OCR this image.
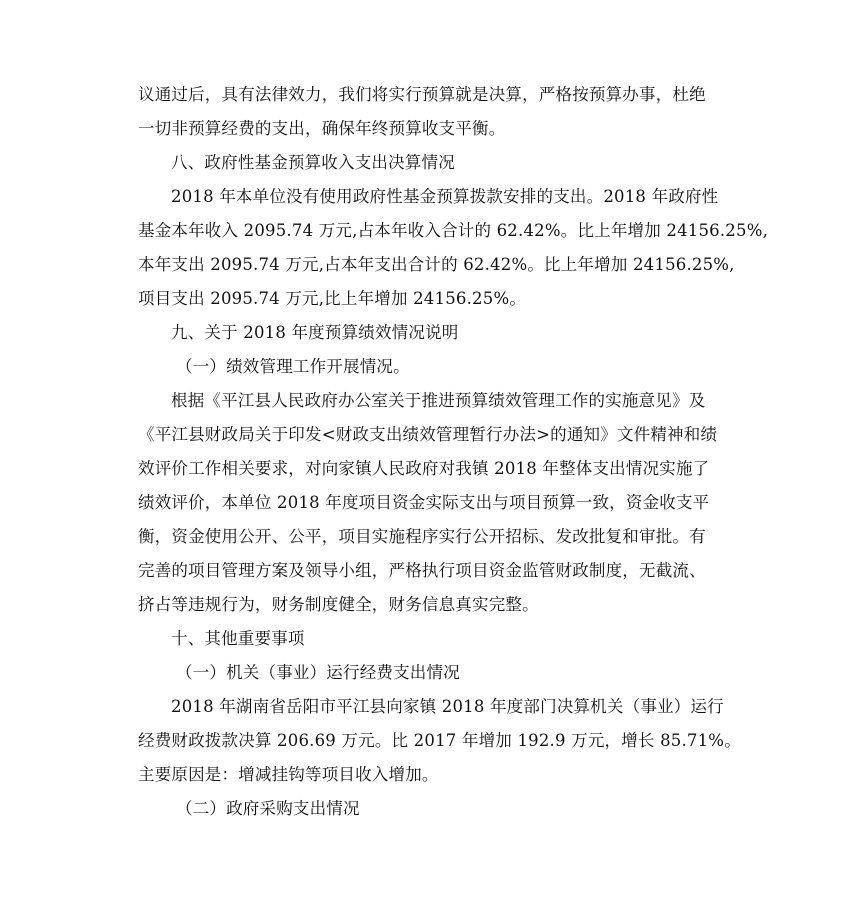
议通过后，具有法律效力，我们将实行预算就是决算，严格按预算办事，杜绝
一切非预算经费的支出，确保年终预算收支平衡。
八、政府性基金预算收入支出决算情况
2018 年本单位没有使用政府性基金预算拨款安排的支出。2018 年政府性
基金本年收入 2095.74 万元,占本年收入合计的 62.42%。比上年增加 24156.25%,
本年支出 2095.74 万元,占本年支出合计的 62.42%。比上年增加 24156.25%,
项目支出 2095.74 万元,比上年增加 24156.25%。
九、关于 2018 年度预算绩效情况说明
（一）绩效管理工作开展情况。
根据《平江县人民政府办公室关于推进预算绩效管理工作的实施意见》及
《平江县财政局关于印发<财政支出绩效管理暂行办法>的通知》文件精神和绩
效评价工作相关要求，对向家镇人民政府对我镇 2018 年整体支出情况实施了
绩效评价，本单位 2018 年度项目资金实际支出与项目预算一致，资金收支平
衡，资金使用公开、公平，项目实施程序实行公开招标、发改批复和审批。有
完善的项目管理方案及领导小组，严格执行项目资金监管财政制度，无截流、
挤占等违规行为，财务制度健全，财务信息真实完整。
十、其他重要事项
（一）机关（事业）运行经费支出情况
2018 年湖南省岳阳市平江县向家镇 2018 年度部门决算机关（事业）运行
经费财政拨款决算 206.69 万元。比 2017 年增加 192.9 万元，增长 85.71%。
主要原因是：增减挂钩等项目收入增加。
（二）政府采购支出情况
